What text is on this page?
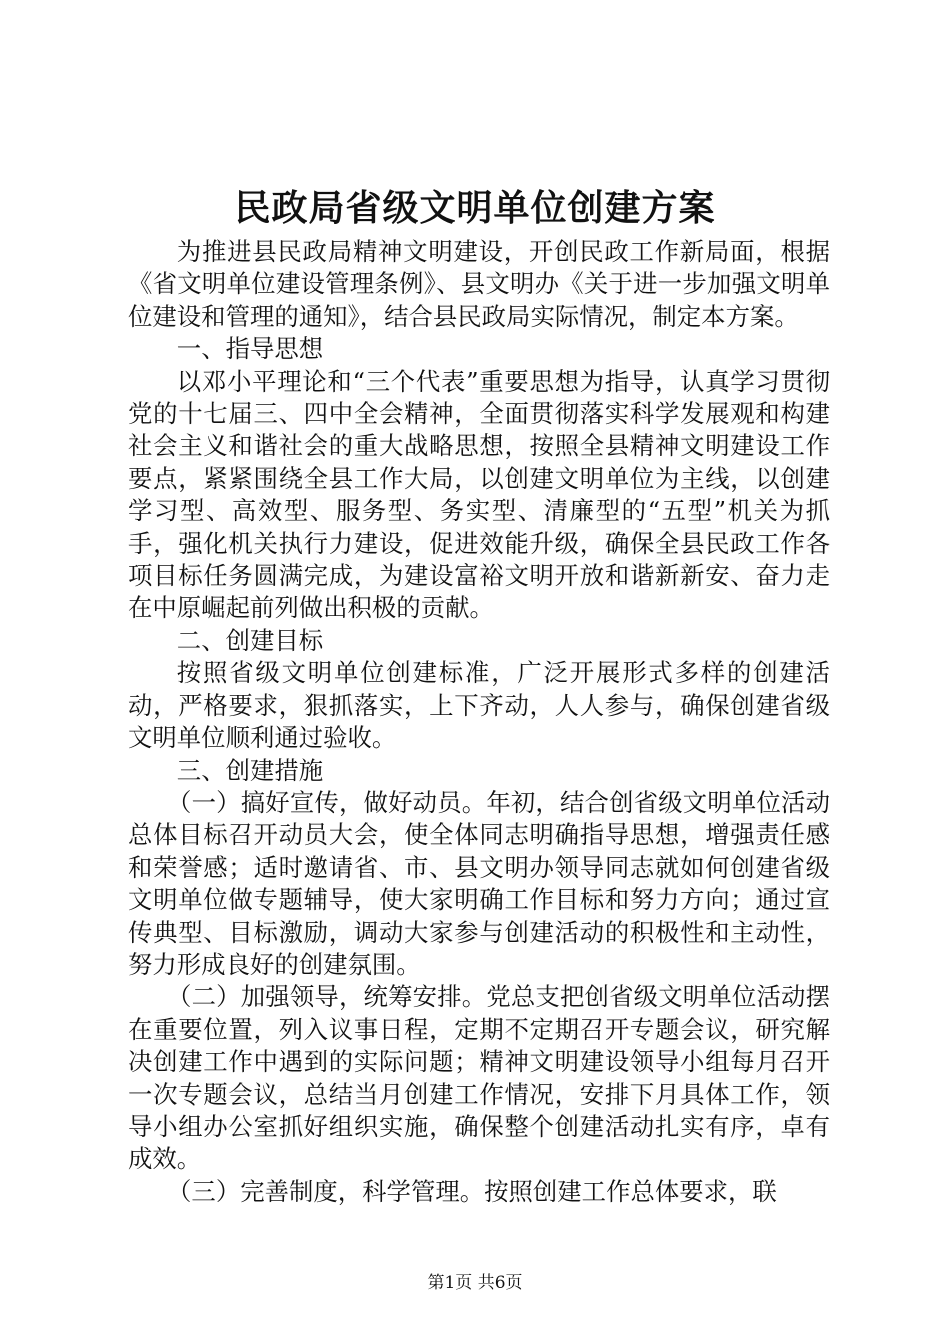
民政局省级文明单位创建方案

为推进县民政局精神文明建设，开创民政工作新局面，根据《省文明单位建设管理条例》、县文明办《关于进一步加强文明单位建设和管理的通知》，结合县民政局实际情况，制定本方案。

一、指导思想

以邓小平理论和“三个代表”重要思想为指导，认真学习贯彻党的十七届三、四中全会精神，全面贯彻落实科学发展观和构建社会主义和谐社会的重大战略思想，按照全县精神文明建设工作要点，紧紧围绕全县工作大局，以创建文明单位为主线，以创建学习型、高效型、服务型、务实型、清廉型的“五型”机关为抓手，强化机关执行力建设，促进效能升级，确保全县民政工作各项目标任务圆满完成，为建设富裕文明开放和谐新新安、奋力走在中原崛起前列做出积极的贡献。

二、创建目标

按照省级文明单位创建标准，广泛开展形式多样的创建活动，严格要求，狠抓落实，上下齐动，人人参与，确保创建省级文明单位顺利通过验收。

三、创建措施

（一）搞好宣传，做好动员。年初，结合创省级文明单位活动总体目标召开动员大会，使全体同志明确指导思想，增强责任感和荣誉感；适时邀请省、市、县文明办领导同志就如何创建省级文明单位做专题辅导，使大家明确工作目标和努力方向；通过宣传典型、目标激励，调动大家参与创建活动的积极性和主动性，努力形成良好的创建氛围。

（二）加强领导，统筹安排。党总支把创省级文明单位活动摆在重要位置，列入议事日程，定期不定期召开专题会议，研究解决创建工作中遇到的实际问题；精神文明建设领导小组每月召开一次专题会议，总结当月创建工作情况，安排下月具体工作，领导小组办公室抓好组织实施，确保整个创建活动扎实有序，卓有成效。

（三）完善制度，科学管理。按照创建工作总体要求，联

第1页 共6页
